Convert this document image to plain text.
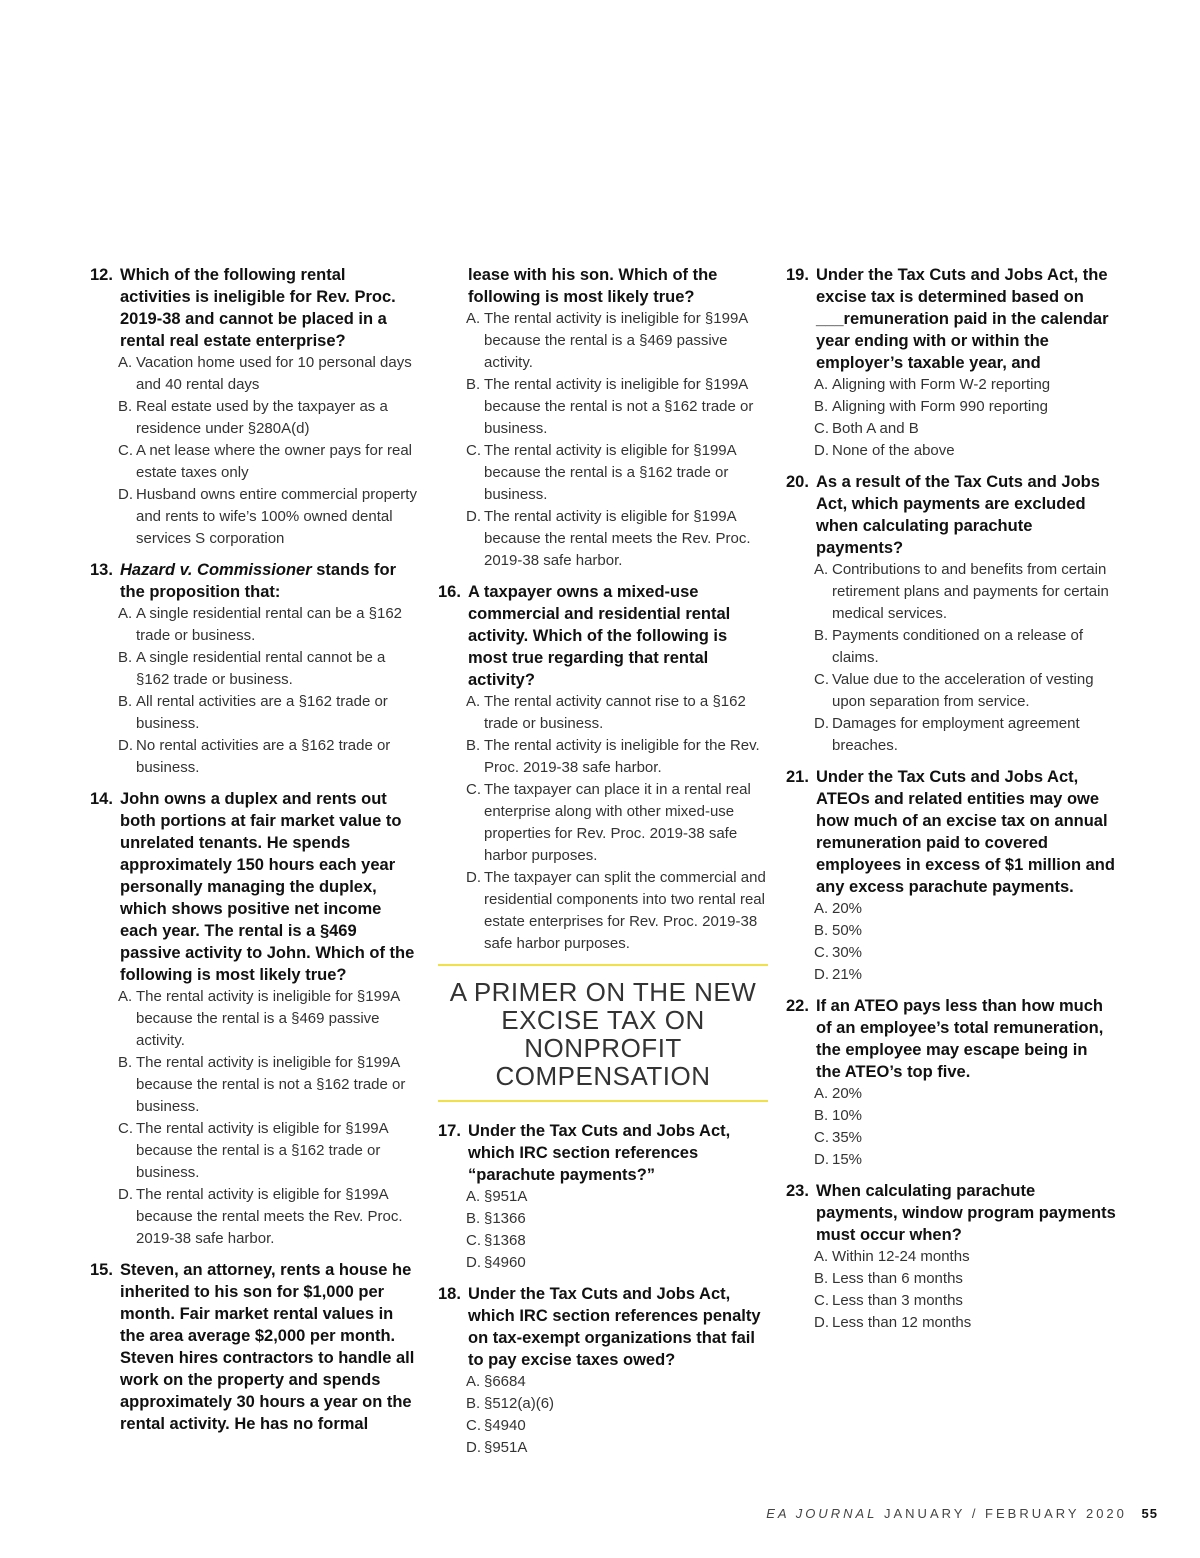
12. Which of the following rental activities is ineligible for Rev. Proc. 2019-38 and cannot be placed in a rental real estate enterprise?
A. Vacation home used for 10 personal days and 40 rental days
B. Real estate used by the taxpayer as a residence under §280A(d)
C. A net lease where the owner pays for real estate taxes only
D. Husband owns entire commercial property and rents to wife’s 100% owned dental services S corporation
13. Hazard v. Commissioner stands for the proposition that:
A. A single residential rental can be a §162 trade or business.
B. A single residential rental cannot be a §162 trade or business.
B. All rental activities are a §162 trade or business.
D. No rental activities are a §162 trade or business.
14. John owns a duplex and rents out both portions at fair market value to unrelated tenants. He spends approximately 150 hours each year personally managing the duplex, which shows positive net income each year. The rental is a §469 passive activity to John. Which of the following is most likely true?
A. The rental activity is ineligible for §199A because the rental is a §469 passive activity.
B. The rental activity is ineligible for §199A because the rental is not a §162 trade or business.
C. The rental activity is eligible for §199A because the rental is a §162 trade or business.
D. The rental activity is eligible for §199A because the rental meets the Rev. Proc. 2019-38 safe harbor.
15. Steven, an attorney, rents a house he inherited to his son for $1,000 per month. Fair market rental values in the area average $2,000 per month. Steven hires contractors to handle all work on the property and spends approximately 30 hours a year on the rental activity. He has no formal
lease with his son. Which of the following is most likely true?
A. The rental activity is ineligible for §199A because the rental is a §469 passive activity.
B. The rental activity is ineligible for §199A because the rental is not a §162 trade or business.
C. The rental activity is eligible for §199A because the rental is a §162 trade or business.
D. The rental activity is eligible for §199A because the rental meets the Rev. Proc. 2019-38 safe harbor.
16. A taxpayer owns a mixed-use commercial and residential rental activity. Which of the following is most true regarding that rental activity?
A. The rental activity cannot rise to a §162 trade or business.
B. The rental activity is ineligible for the Rev. Proc. 2019-38 safe harbor.
C. The taxpayer can place it in a rental real enterprise along with other mixed-use properties for Rev. Proc. 2019-38 safe harbor purposes.
D. The taxpayer can split the commercial and residential components into two rental real estate enterprises for Rev. Proc. 2019-38 safe harbor purposes.
A PRIMER ON THE NEW
EXCISE TAX ON NONPROFIT
COMPENSATION
17. Under the Tax Cuts and Jobs Act, which IRC section references “parachute payments?”
A. §951A
B. §1366
C. §1368
D. §4960
18. Under the Tax Cuts and Jobs Act, which IRC section references penalty on tax-exempt organizations that fail to pay excise taxes owed?
A. §6684
B. §512(a)(6)
C. §4940
D. §951A
19. Under the Tax Cuts and Jobs Act, the excise tax is determined based on ___remuneration paid in the calendar year ending with or within the employer’s taxable year, and
A. Aligning with Form W-2 reporting
B. Aligning with Form 990 reporting
C. Both A and B
D. None of the above
20. As a result of the Tax Cuts and Jobs Act, which payments are excluded when calculating parachute payments?
A. Contributions to and benefits from certain retirement plans and payments for certain medical services.
B. Payments conditioned on a release of claims.
C. Value due to the acceleration of vesting upon separation from service.
D. Damages for employment agreement breaches.
21. Under the Tax Cuts and Jobs Act, ATEOs and related entities may owe how much of an excise tax on annual remuneration paid to covered employees in excess of $1 million and any excess parachute payments.
A. 20%
B. 50%
C. 30%
D. 21%
22. If an ATEO pays less than how much of an employee’s total remuneration, the employee may escape being in the ATEO’s top five.
A. 20%
B. 10%
C. 35%
D. 15%
23. When calculating parachute payments, window program payments must occur when?
A. Within 12-24 months
B. Less than 6 months
C. Less than 3 months
D. Less than 12 months
EA JOURNAL JANUARY / FEBRUARY 2020 55
